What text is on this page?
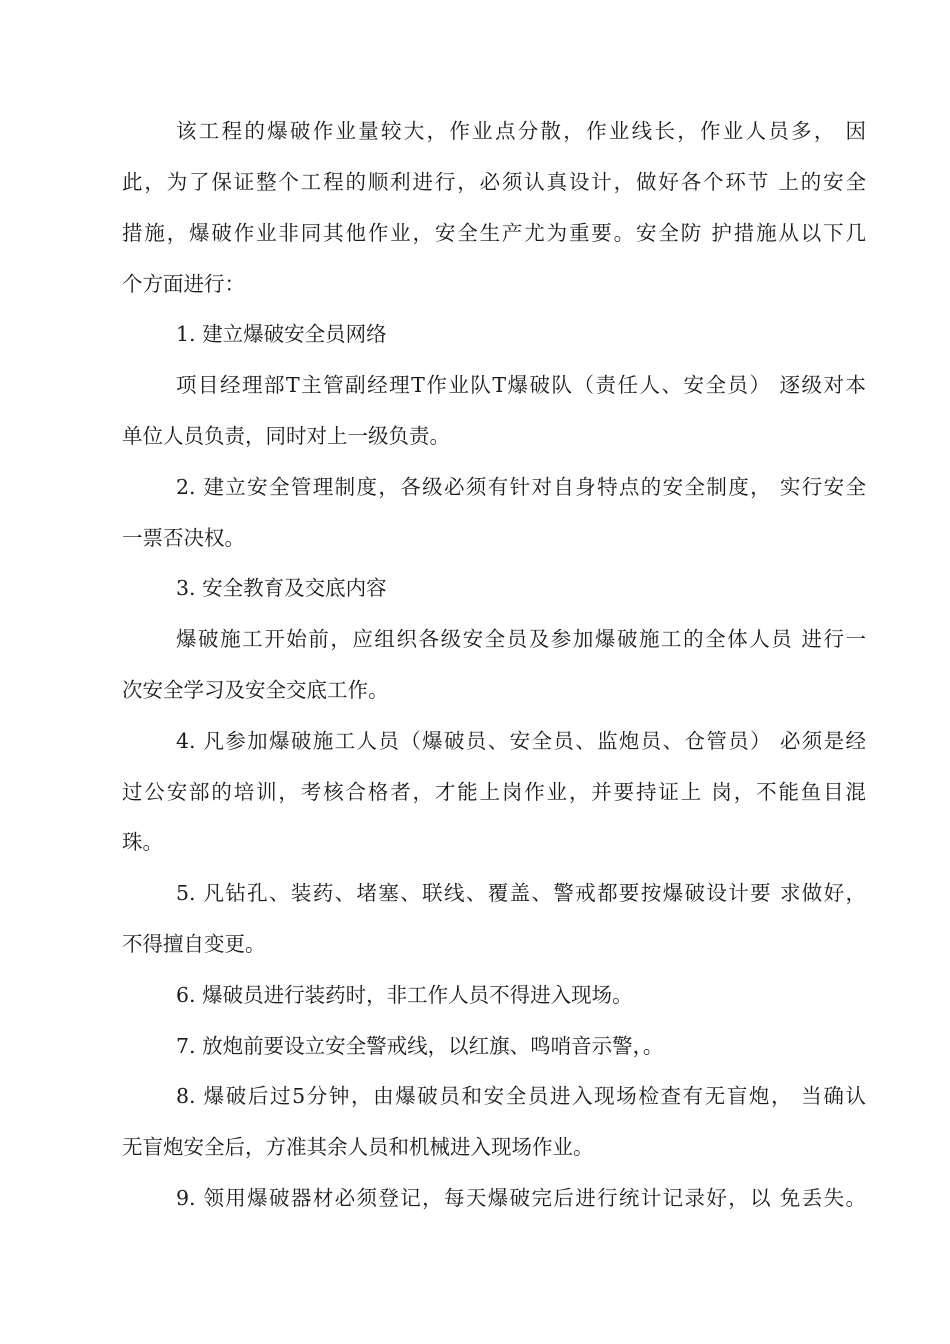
该工程的爆破作业量较大，作业点分散，作业线长，作业人员多， 因
此，为了保证整个工程的顺利进行，必须认真设计，做好各个环节 上的安全
措施，爆破作业非同其他作业，安全生产尤为重要。安全防 护措施从以下几
个方面进行：
1. 建立爆破安全员网络
项目经理部T主管副经理T作业队T爆破队（责任人、安全员） 逐级对本
单位人员负责，同时对上一级负责。
2. 建立安全管理制度，各级必须有针对自身特点的安全制度， 实行安全
一票否决权。
3. 安全教育及交底内容
爆破施工开始前，应组织各级安全员及参加爆破施工的全体人员 进行一
次安全学习及安全交底工作。
4. 凡参加爆破施工人员（爆破员、安全员、监炮员、仓管员） 必须是经
过公安部的培训，考核合格者，才能上岗作业，并要持证上 岗，不能鱼目混
珠。
5. 凡钻孔、装药、堵塞、联线、覆盖、警戒都要按爆破设计要 求做好，
不得擅自变更。
6. 爆破员进行装药时，非工作人员不得进入现场。
7. 放炮前要设立安全警戒线，以红旗、鸣哨音示警，。
8. 爆破后过5分钟，由爆破员和安全员进入现场检查有无盲炮， 当确认
无盲炮安全后，方准其余人员和机械进入现场作业。
9. 领用爆破器材必须登记，每天爆破完后进行统计记录好，以 免丢失。
